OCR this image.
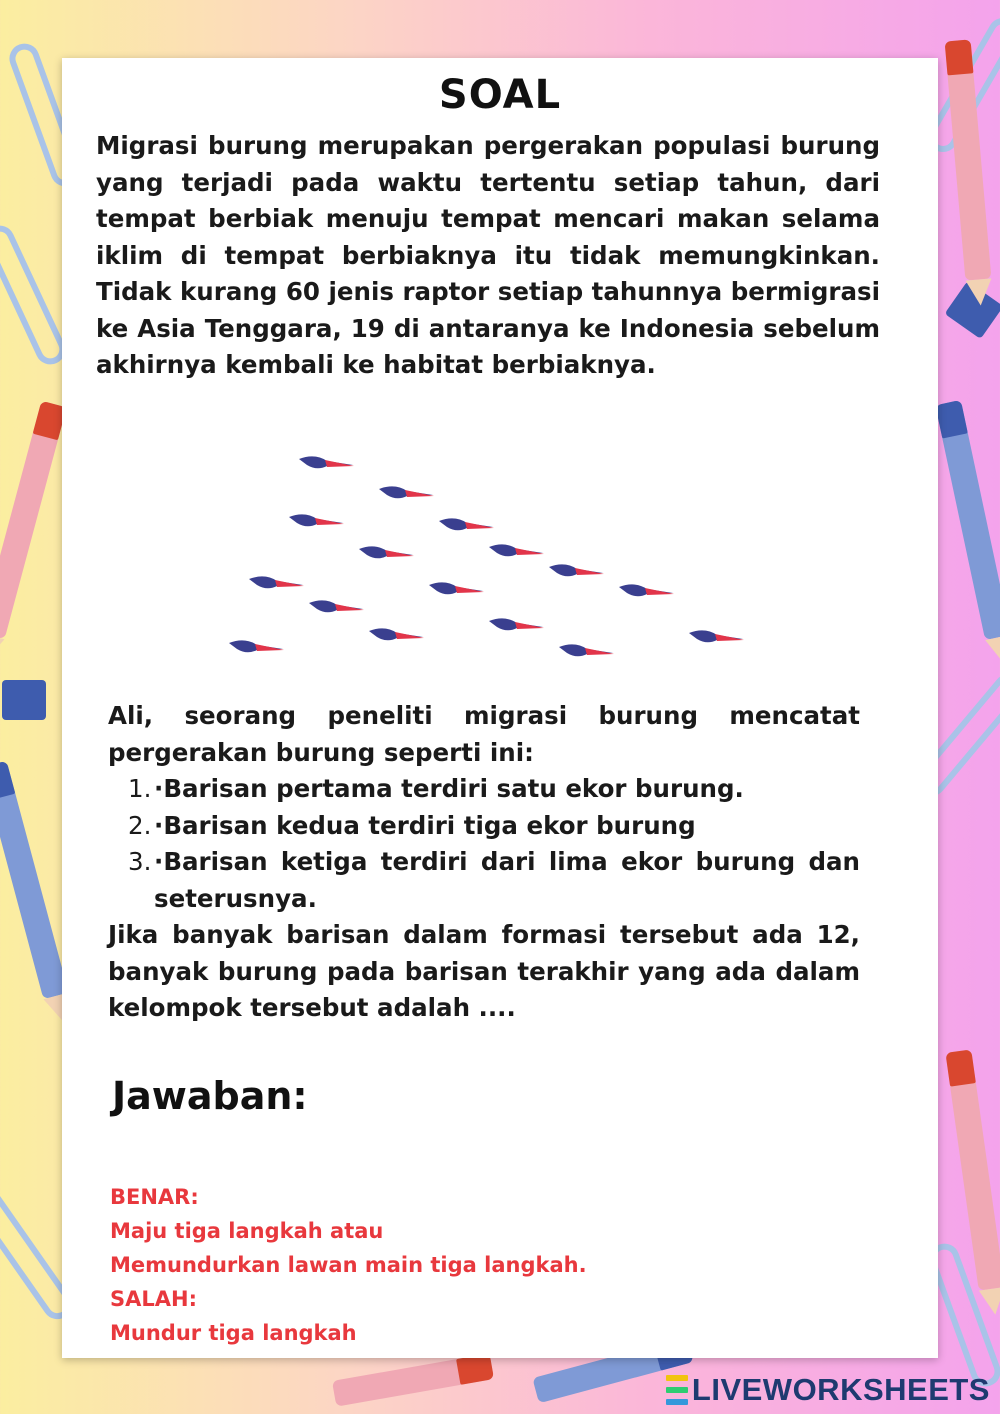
SOAL

Migrasi burung merupakan pergerakan populasi burung yang terjadi pada waktu tertentu setiap tahun, dari tempat berbiak menuju tempat mencari makan selama iklim di tempat berbiaknya itu tidak memungkinkan. Tidak kurang 60 jenis raptor setiap tahunnya bermigrasi ke Asia Tenggara, 19 di antaranya ke Indonesia sebelum akhirnya kembali ke habitat berbiaknya.

Ali, seorang peneliti migrasi burung mencatat pergerakan burung seperti ini:
1. ·Barisan pertama terdiri satu ekor burung.
2. ·Barisan kedua terdiri tiga ekor burung
3. ·Barisan ketiga terdiri dari lima ekor burung dan seterusnya.
Jika banyak barisan dalam formasi tersebut ada 12, banyak burung pada barisan terakhir yang ada dalam kelompok tersebut adalah ....
Jawaban:
BENAR:
Maju tiga langkah atau
Memundurkan lawan main tiga langkah.
SALAH:
Mundur tiga langkah
LIVEWORKSHEETS
